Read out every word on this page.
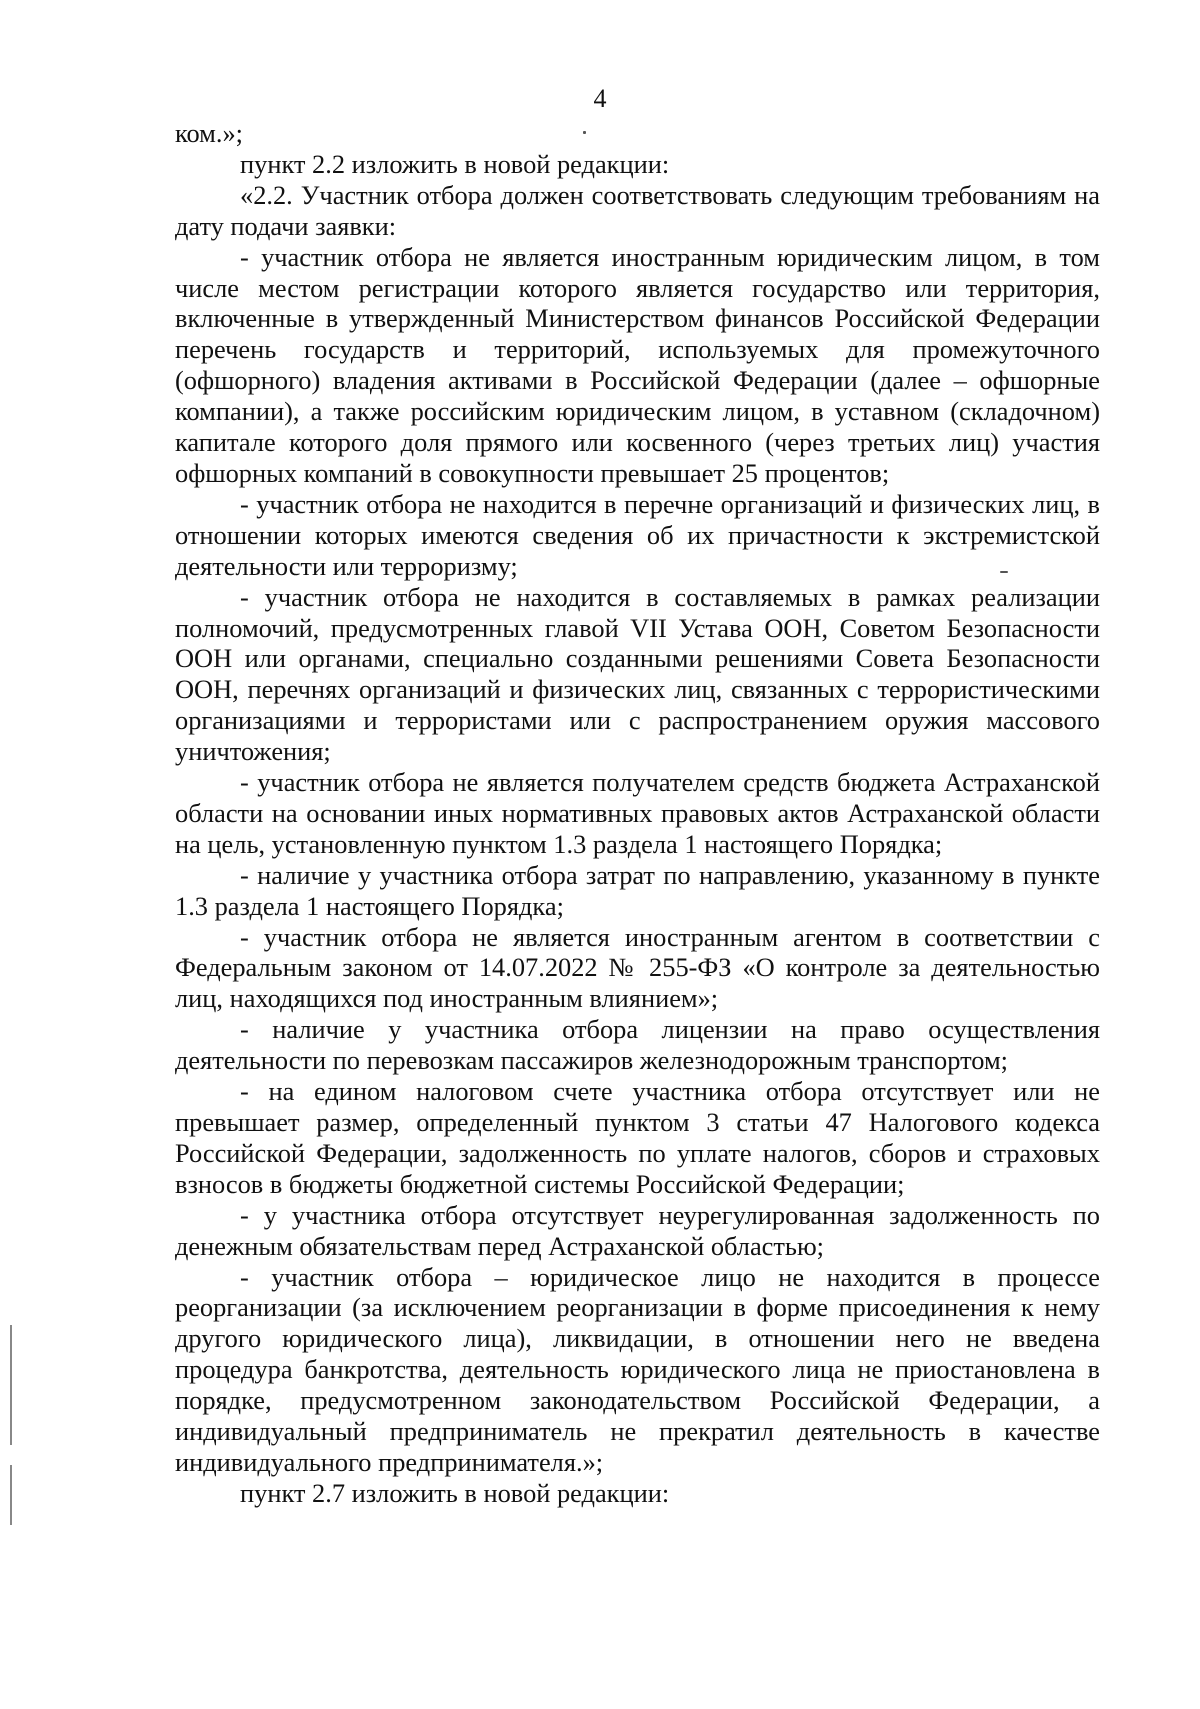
4

ком.»;

пункт 2.2 изложить в новой редакции:

«2.2. Участник отбора должен соответствовать следующим требованиям на дату подачи заявки:

- участник отбора не является иностранным юридическим лицом, в том числе местом регистрации которого является государство или территория, включенные в утвержденный Министерством финансов Российской Федерации перечень государств и территорий, используемых для промежуточного (офшорного) владения активами в Российской Федерации (далее – офшорные компании), а также российским юридическим лицом, в уставном (складочном) капитале которого доля прямого или косвенного (через третьих лиц) участия офшорных компаний в совокупности превышает 25 процентов;

- участник отбора не находится в перечне организаций и физических лиц, в отношении которых имеются сведения об их причастности к экстремистской деятельности или терроризму;

- участник отбора не находится в составляемых в рамках реализации полномочий, предусмотренных главой VII Устава ООН, Советом Безопасности ООН или органами, специально созданными решениями Совета Безопасности ООН, перечнях организаций и физических лиц, связанных с террористическими организациями и террористами или с распространением оружия массового уничтожения;

- участник отбора не является получателем средств бюджета Астраханской области на основании иных нормативных правовых актов Астраханской области на цель, установленную пунктом 1.3 раздела 1 настоящего Порядка;

- наличие у участника отбора затрат по направлению, указанному в пункте 1.3 раздела 1 настоящего Порядка;

- участник отбора не является иностранным агентом в соответствии с Федеральным законом от 14.07.2022 № 255-ФЗ «О контроле за деятельностью лиц, находящихся под иностранным влиянием»;

- наличие у участника отбора лицензии на право осуществления деятельности по перевозкам пассажиров железнодорожным транспортом;

- на едином налоговом счете участника отбора отсутствует или не превышает размер, определенный пунктом 3 статьи 47 Налогового кодекса Российской Федерации, задолженность по уплате налогов, сборов и страховых взносов в бюджеты бюджетной системы Российской Федерации;

- у участника отбора отсутствует неурегулированная задолженность по денежным обязательствам перед Астраханской областью;

- участник отбора – юридическое лицо не находится в процессе реорганизации (за исключением реорганизации в форме присоединения к нему другого юридического лица), ликвидации, в отношении него не введена процедура банкротства, деятельность юридического лица не приостановлена в порядке, предусмотренном законодательством Российской Федерации, а индивидуальный предприниматель не прекратил деятельность в качестве индивидуального предпринимателя.»;

пункт 2.7 изложить в новой редакции:
